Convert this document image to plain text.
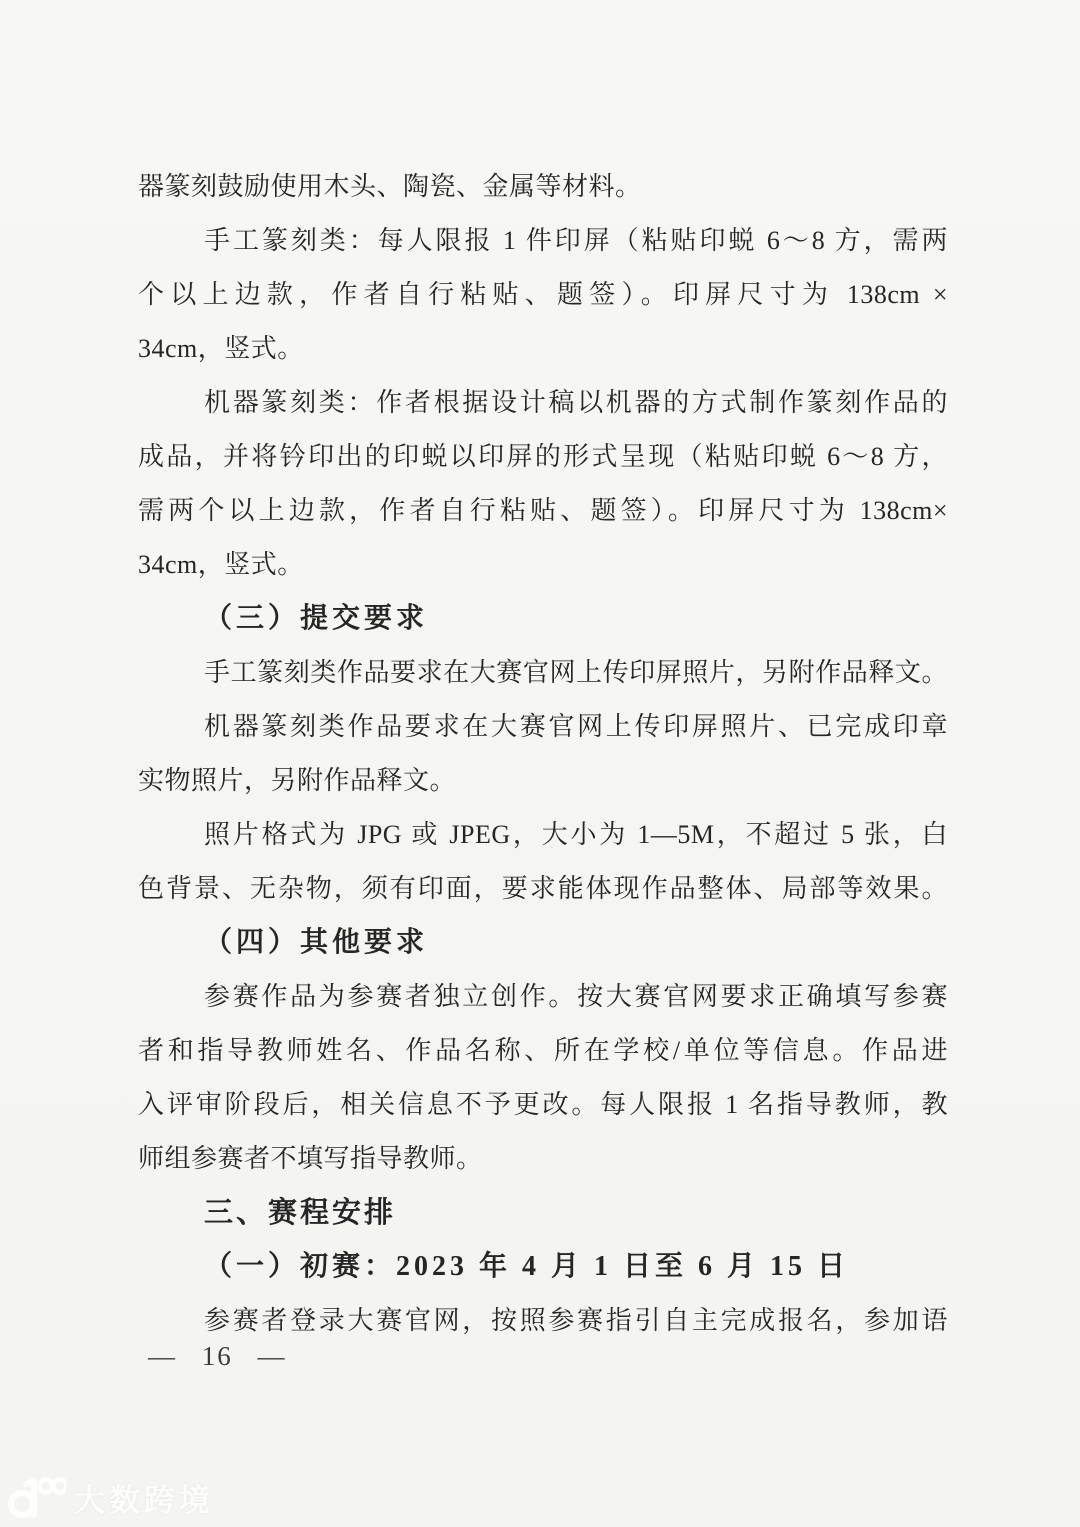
器篆刻鼓励使用木头、陶瓷、金属等材料。
手工篆刻类：每人限报 1 件印屏（粘贴印蜕 6～8 方，需两
个以上边款，作者自行粘贴、题签）。印屏尺寸为 138cm ×
34cm，竖式。
机器篆刻类：作者根据设计稿以机器的方式制作篆刻作品的
成品，并将钤印出的印蜕以印屏的形式呈现（粘贴印蜕 6～8 方，
需两个以上边款，作者自行粘贴、题签）。印屏尺寸为 138cm×
34cm，竖式。
（三）提交要求
手工篆刻类作品要求在大赛官网上传印屏照片，另附作品释文。
机器篆刻类作品要求在大赛官网上传印屏照片、已完成印章
实物照片，另附作品释文。
照片格式为 JPG 或 JPEG，大小为 1—5M，不超过 5 张，白
色背景、无杂物，须有印面，要求能体现作品整体、局部等效果。
（四）其他要求
参赛作品为参赛者独立创作。按大赛官网要求正确填写参赛
者和指导教师姓名、作品名称、所在学校/单位等信息。作品进
入评审阶段后，相关信息不予更改。每人限报 1 名指导教师，教
师组参赛者不填写指导教师。
三、赛程安排
（一）初赛：2023 年 4 月 1 日至 6 月 15 日
参赛者登录大赛官网，按照参赛指引自主完成报名，参加语
— 16 —
大数跨境
